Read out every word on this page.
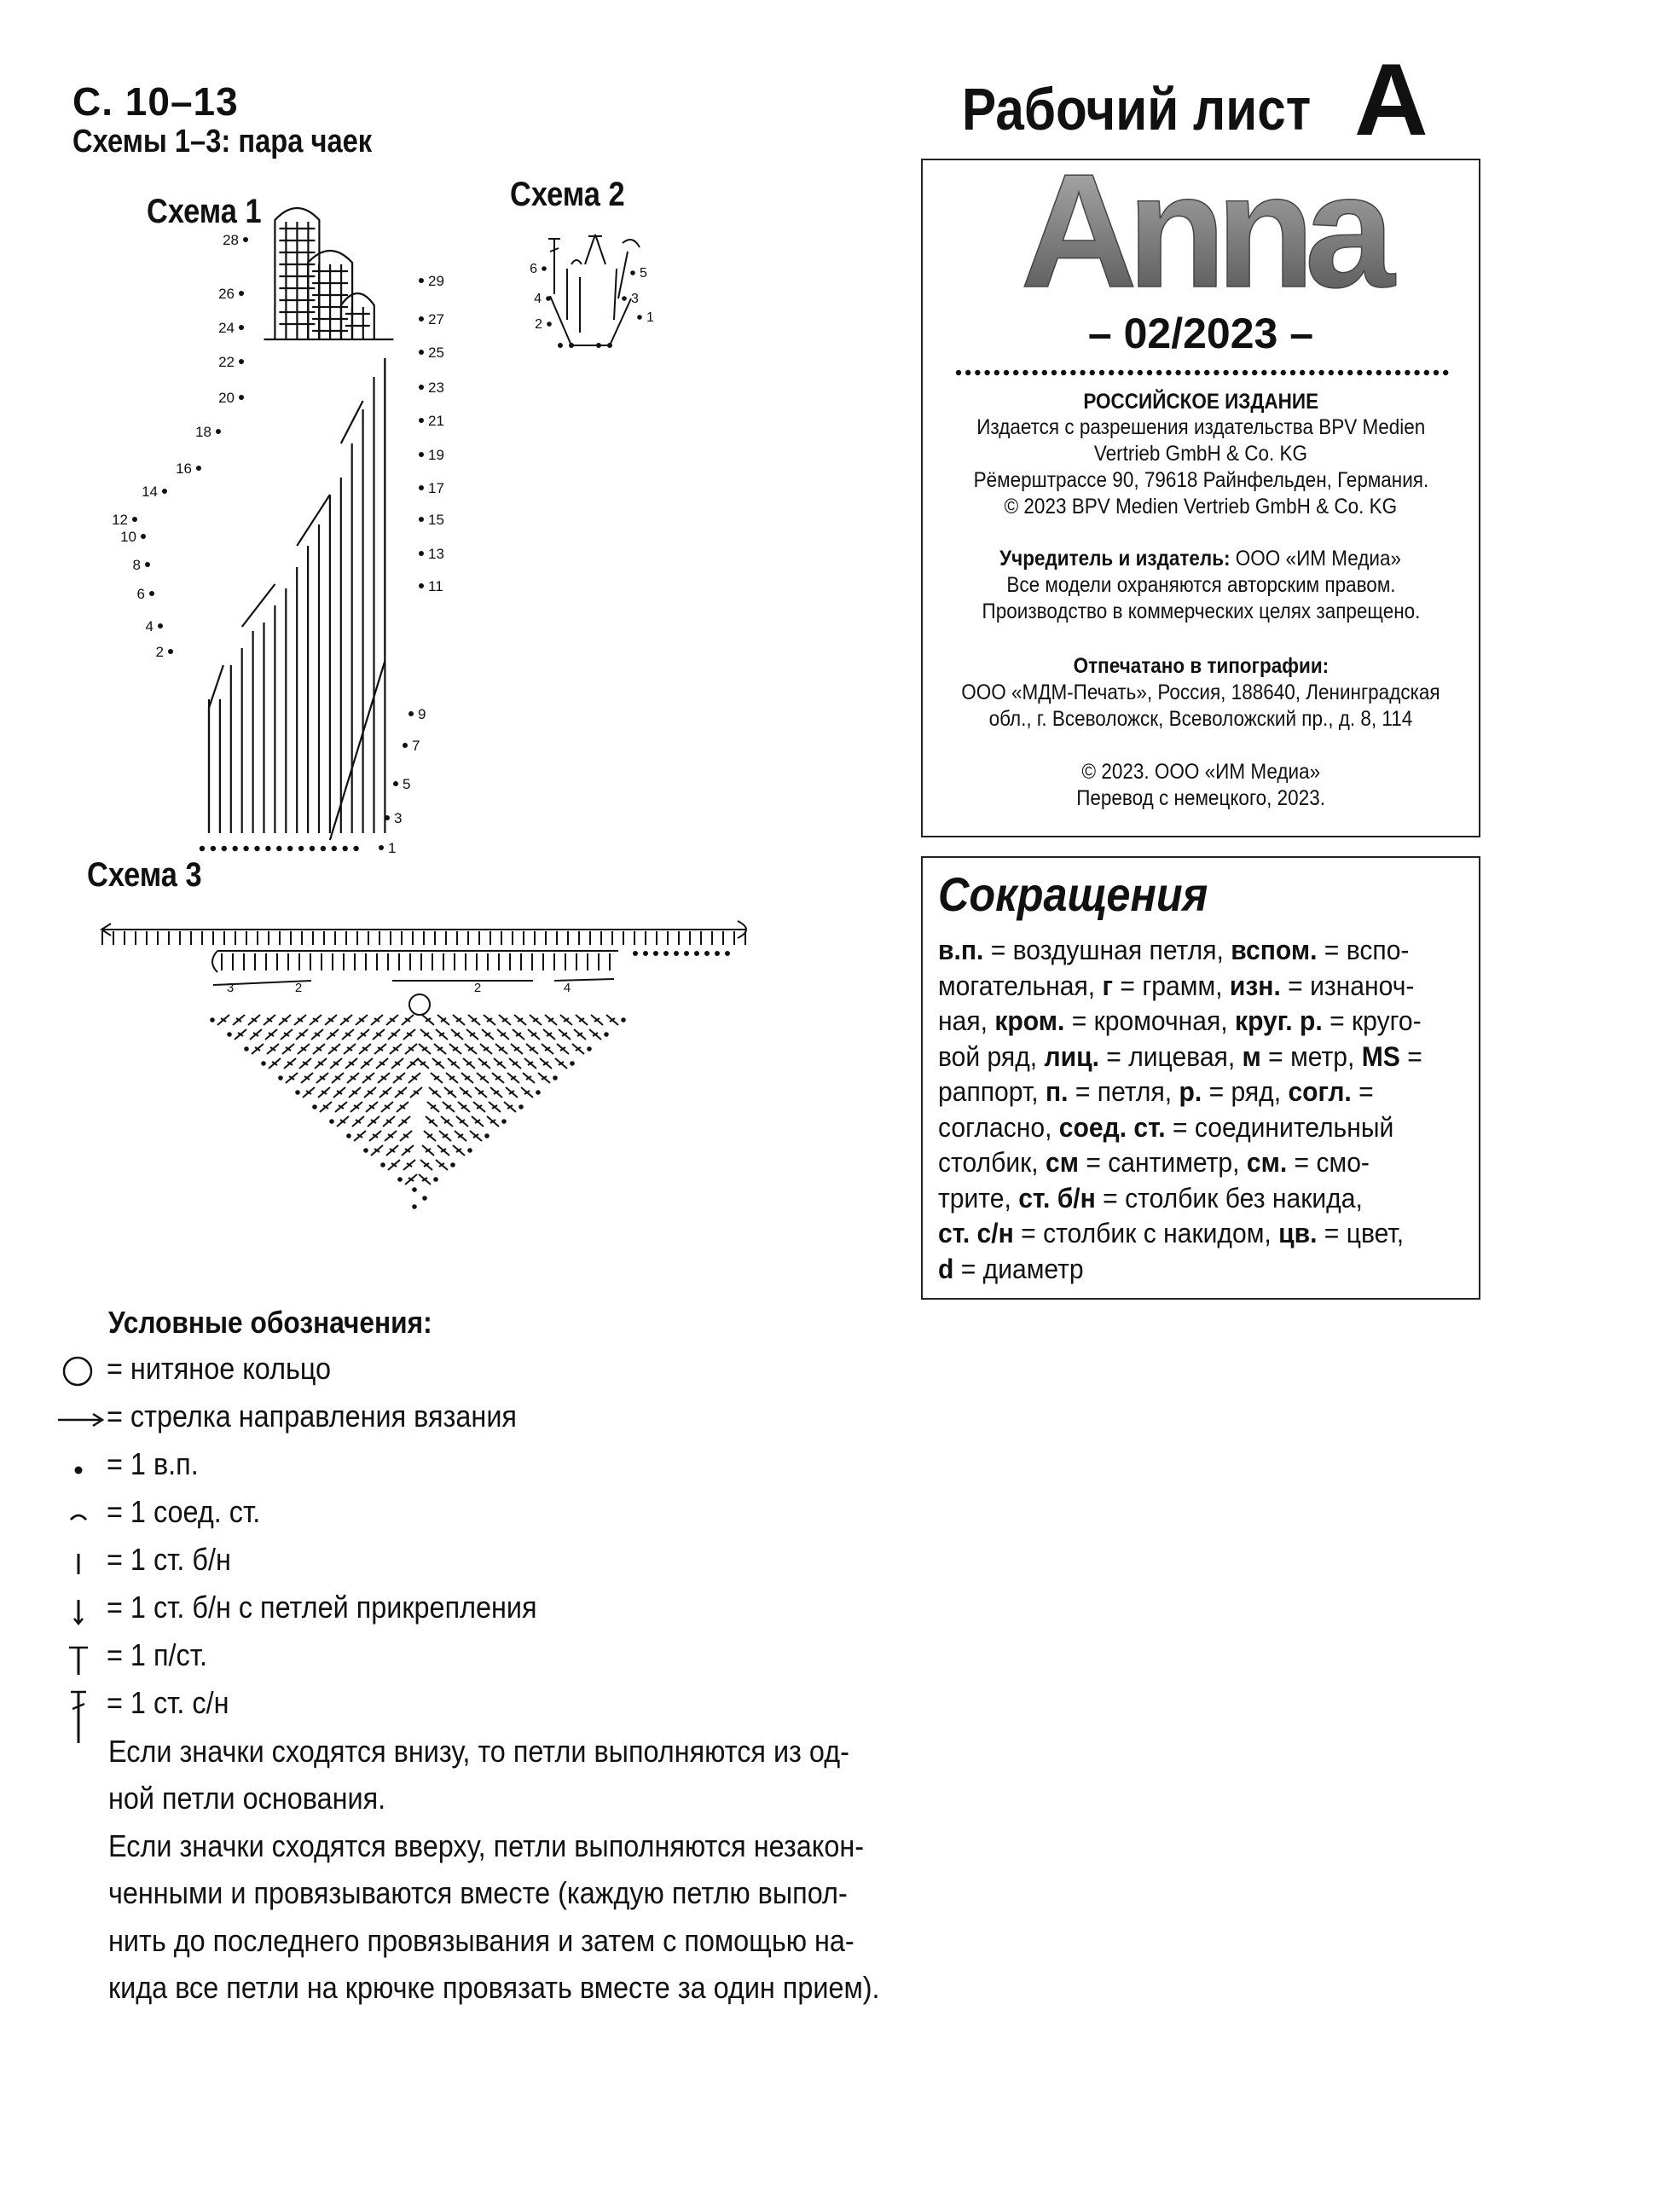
С. 10–13
Схемы 1–3: пара чаек
Схема 1	Схема 2
Схема 3
2
4
6
8
10
12
14
16
18
20
22
24
26
28
1
3
5
7
9
11
13
15
17
19
21
23
25
27
29
1
2
3
4
5
6
3	2	2	4
Рабочий лист A
Anna
– 02/2023 –
РОССИЙСКОЕ ИЗДАНИЕ
Издается с разрешения издательства BPV Medien
Vertrieb GmbH & Co. KG
Рёмерштрассе 90, 79618 Райнфельден, Германия.
© 2023 BPV Medien Vertrieb GmbH & Co. KG
Учредитель и издатель: ООО «ИМ Медиа»
Все модели охраняются авторским правом.
Производство в коммерческих целях запрещено.
Отпечатано в типографии:
ООО «МДМ-Печать», Россия, 188640, Ленинградская
обл., г. Всеволожск, Всеволожский пр., д. 8, 114
© 2023. ООО «ИМ Медиа»
Перевод с немецкого, 2023.
Сокращения
в.п. = воздушная петля, вспом. = вспо-
могательная, г = грамм, изн. = изнаноч-
ная, кром. = кромочная, круг. р. = круго-
вой ряд, лиц. = лицевая, м = метр, MS =
раппорт, п. = петля, р. = ряд, согл. =
согласно, соед. ст. = соединительный
столбик, см = сантиметр, см. = смо-
трите, ст. б/н = столбик без накида,
ст. с/н = столбик с накидом, цв. = цвет,
d = диаметр
Условные обозначения:
= нитяное кольцо
= стрелка направления вязания
= 1 в.п.
= 1 соед. ст.
= 1 ст. б/н
= 1 ст. б/н с петлей прикрепления
= 1 п/ст.
= 1 ст. с/н
Если значки сходятся внизу, то петли выполняются из од-
ной петли основания.
Если значки сходятся вверху, петли выполняются незакон-
ченными и провязываются вместе (каждую петлю выпол-
нить до последнего провязывания и затем с помощью на-
кида все петли на крючке провязать вместе за один прием).
